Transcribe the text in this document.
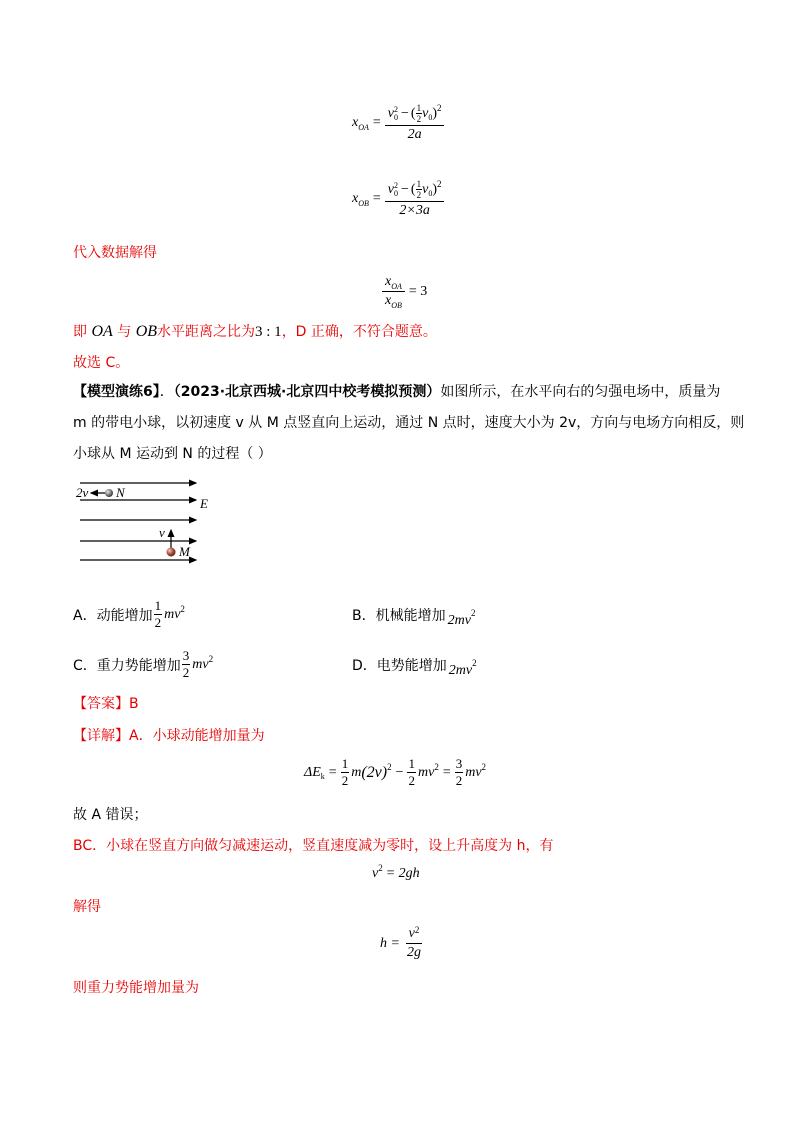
x OA = v 2
0 − ( $\frac{1}{2}$ v 0 ) 2
2a
x OB = v 2
0 − ( $\frac{1}{2}$ v 0 ) 2
2×3a
代入数据解得
$\frac{x_{OA}}{x_{OB}} = 3$
即 OA 与 OB水平距离之比为3 : 1，D 正确，不符合题意。
故选 C。
【模型演练6】．（2023·北京西城·北京四中校考模拟预测）如图所示，在水平向右的匀强电场中，质量为
m 的带电小球，以初速度 v 从 M 点竖直向上运动，通过 N 点时，速度大小为 2v，方向与电场方向相反，则
小球从 M 运动到 N 的过程（ ）
2v N
E
v
M
A．动能增加 $\frac{1}{2}$ mv 2	B．机械能增加 2mv 2
C．重力势能增加 $\frac{3}{2}$ mv 2	D．电势能增加 2mv 2
【答案】B
【详解】A．小球动能增加量为
ΔE $k = \frac{1}{2}$ m (2v) $2 - \frac{1}{2}$ mv $2 = \frac{3}{2}$ mv 2
故 A 错误；
BC．小球在竖直方向做匀减速运动，竖直速度减为零时，设上升高度为 h，有
v 2 = 2gh
解得
$h = \frac{v^2}{2g}$
则重力势能增加量为
